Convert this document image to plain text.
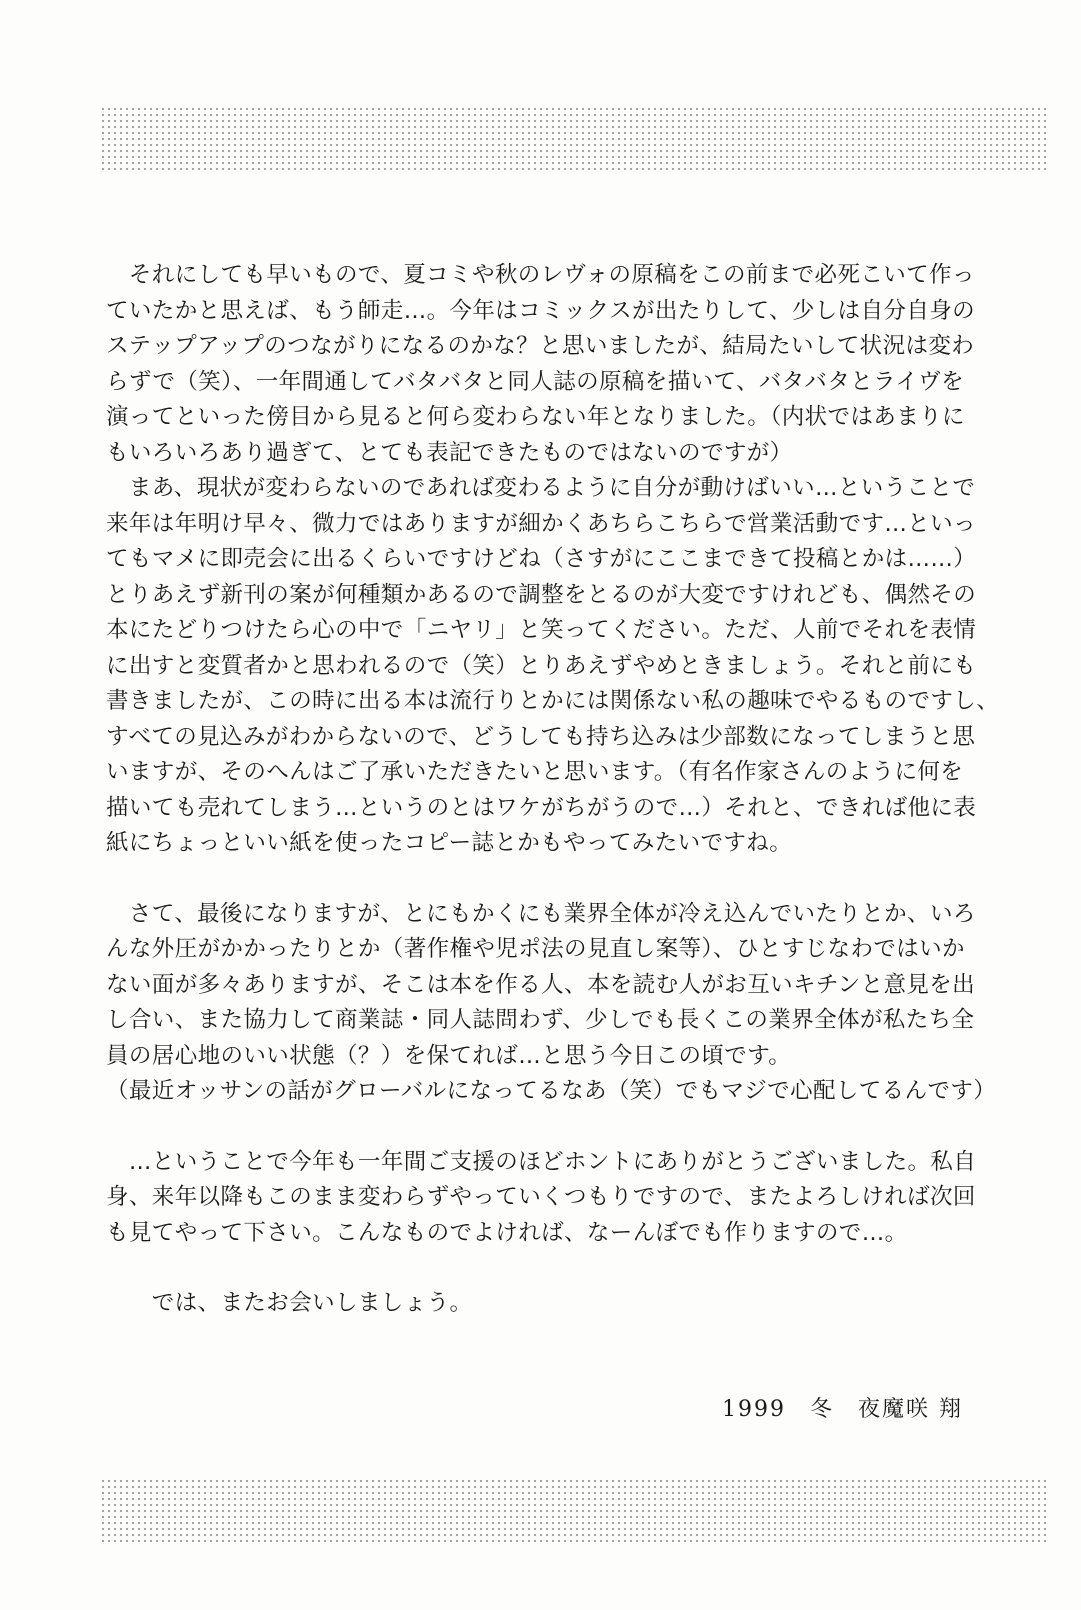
　それにしても早いもので、夏コミや秋のレヴォの原稿をこの前まで必死こいて作っ
ていたかと思えば、もう師走…。今年はコミックスが出たりして、少しは自分自身の
ステップアップのつながりになるのかな？と思いましたが、結局たいして状況は変わ
らずで（笑）、一年間通してバタバタと同人誌の原稿を描いて、バタバタとライヴを
演ってといった傍目から見ると何ら変わらない年となりました。（内状ではあまりに
もいろいろあり過ぎて、とても表記できたものではないのですが）
　まあ、現状が変わらないのであれば変わるように自分が動けばいい…ということで
来年は年明け早々、微力ではありますが細かくあちらこちらで営業活動です…といっ
てもマメに即売会に出るくらいですけどね（さすがにここまできて投稿とかは……）
とりあえず新刊の案が何種類かあるので調整をとるのが大変ですけれども、偶然その
本にたどりつけたら心の中で「ニヤリ」と笑ってください。ただ、人前でそれを表情
に出すと変質者かと思われるので（笑）とりあえずやめときましょう。それと前にも
書きましたが、この時に出る本は流行りとかには関係ない私の趣味でやるものですし、
すべての見込みがわからないので、どうしても持ち込みは少部数になってしまうと思
いますが、そのへんはご了承いただきたいと思います。（有名作家さんのように何を
描いても売れてしまう…というのとはワケがちがうので…）それと、できれば他に表
紙にちょっといい紙を使ったコピー誌とかもやってみたいですね。
　さて、最後になりますが、とにもかくにも業界全体が冷え込んでいたりとか、いろ
んな外圧がかかったりとか（著作権や児ポ法の見直し案等）、ひとすじなわではいか
ない面が多々ありますが、そこは本を作る人、本を読む人がお互いキチンと意見を出
し合い、また協力して商業誌・同人誌問わず、少しでも長くこの業界全体が私たち全
員の居心地のいい状態（？）を保てれば…と思う今日この頃です。
（最近オッサンの話がグローバルになってるなあ（笑）でもマジで心配してるんです）
　…ということで今年も一年間ご支援のほどホントにありがとうございました。私自
身、来年以降もこのまま変わらずやっていくつもりですので、またよろしければ次回
も見てやって下さい。こんなものでよければ、なーんぼでも作りますので…。
　　では、またお会いしましょう。
1999　冬　夜魔咲 翔
